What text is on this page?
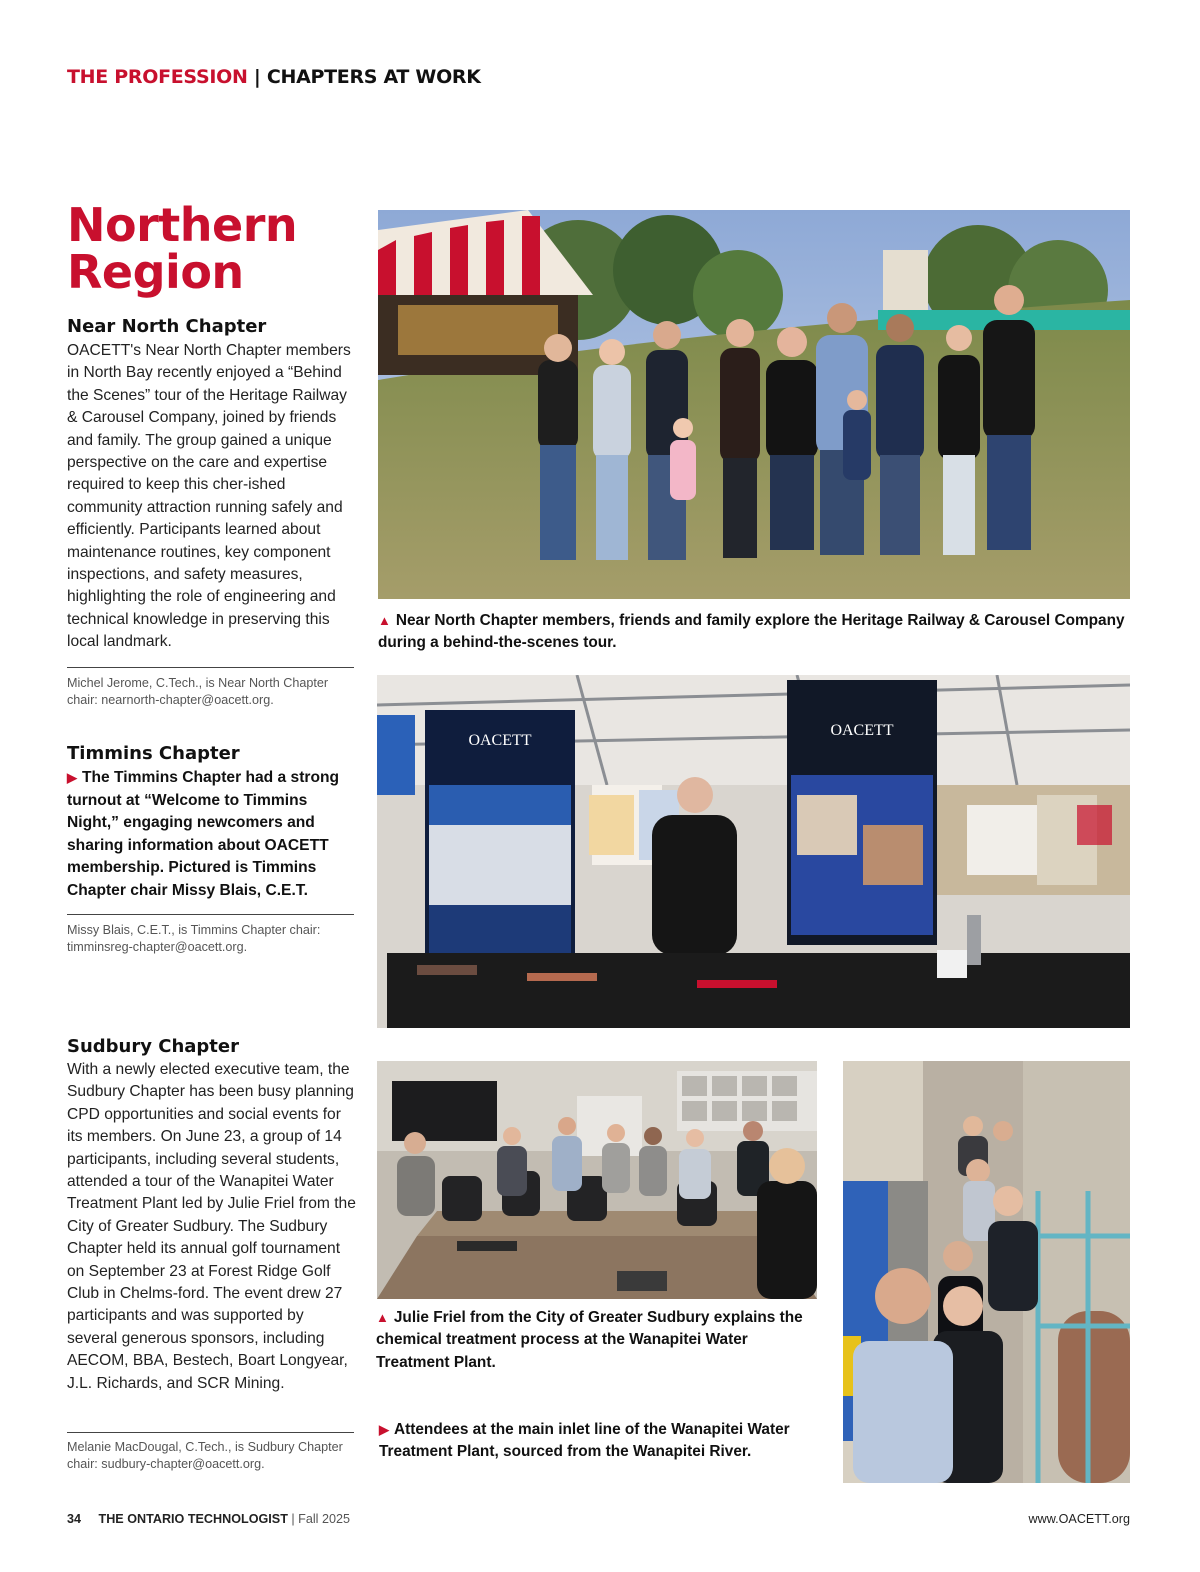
THE PROFESSION | CHAPTERS AT WORK
Northern Region
Near North Chapter
OACETT's Near North Chapter members in North Bay recently enjoyed a “Behind the Scenes” tour of the Heritage Railway & Carousel Company, joined by friends and family. The group gained a unique perspective on the care and expertise required to keep this cher-ished community attraction running safely and efficiently. Participants learned about maintenance routines, key component inspections, and safety measures, highlighting the role of engineering and technical knowledge in preserving this local landmark.
Michel Jerome, C.Tech., is Near North Chapter chair: nearnorth-chapter@oacett.org.
Timmins Chapter
▶ The Timmins Chapter had a strong turnout at “Welcome to Timmins Night,” engaging newcomers and sharing information about OACETT membership. Pictured is Timmins Chapter chair Missy Blais, C.E.T.
Missy Blais, C.E.T., is Timmins Chapter chair: timminsreg-chapter@oacett.org.
Sudbury Chapter
With a newly elected executive team, the Sudbury Chapter has been busy planning CPD opportunities and social events for its members. On June 23, a group of 14 participants, including several students, attended a tour of the Wanapitei Water Treatment Plant led by Julie Friel from the City of Greater Sudbury. The Sudbury Chapter held its annual golf tournament on September 23 at Forest Ridge Golf Club in Chelms-ford. The event drew 27 participants and was supported by several generous sponsors, including AECOM, BBA, Bestech, Boart Longyear, J.L. Richards, and SCR Mining.
Melanie MacDougal, C.Tech., is Sudbury Chapter chair: sudbury-chapter@oacett.org.
▲ Near North Chapter members, friends and family explore the Heritage Railway & Carousel Company during a behind-the-scenes tour.
OACETT
OACETT
▲ Julie Friel from the City of Greater Sudbury explains the chemical treatment process at the Wanapitei Water Treatment Plant.
▶ Attendees at the main inlet line of the Wanapitei Water Treatment Plant, sourced from the Wanapitei River.
34 THE ONTARIO TECHNOLOGIST | Fall 2025	www.OACETT.org
